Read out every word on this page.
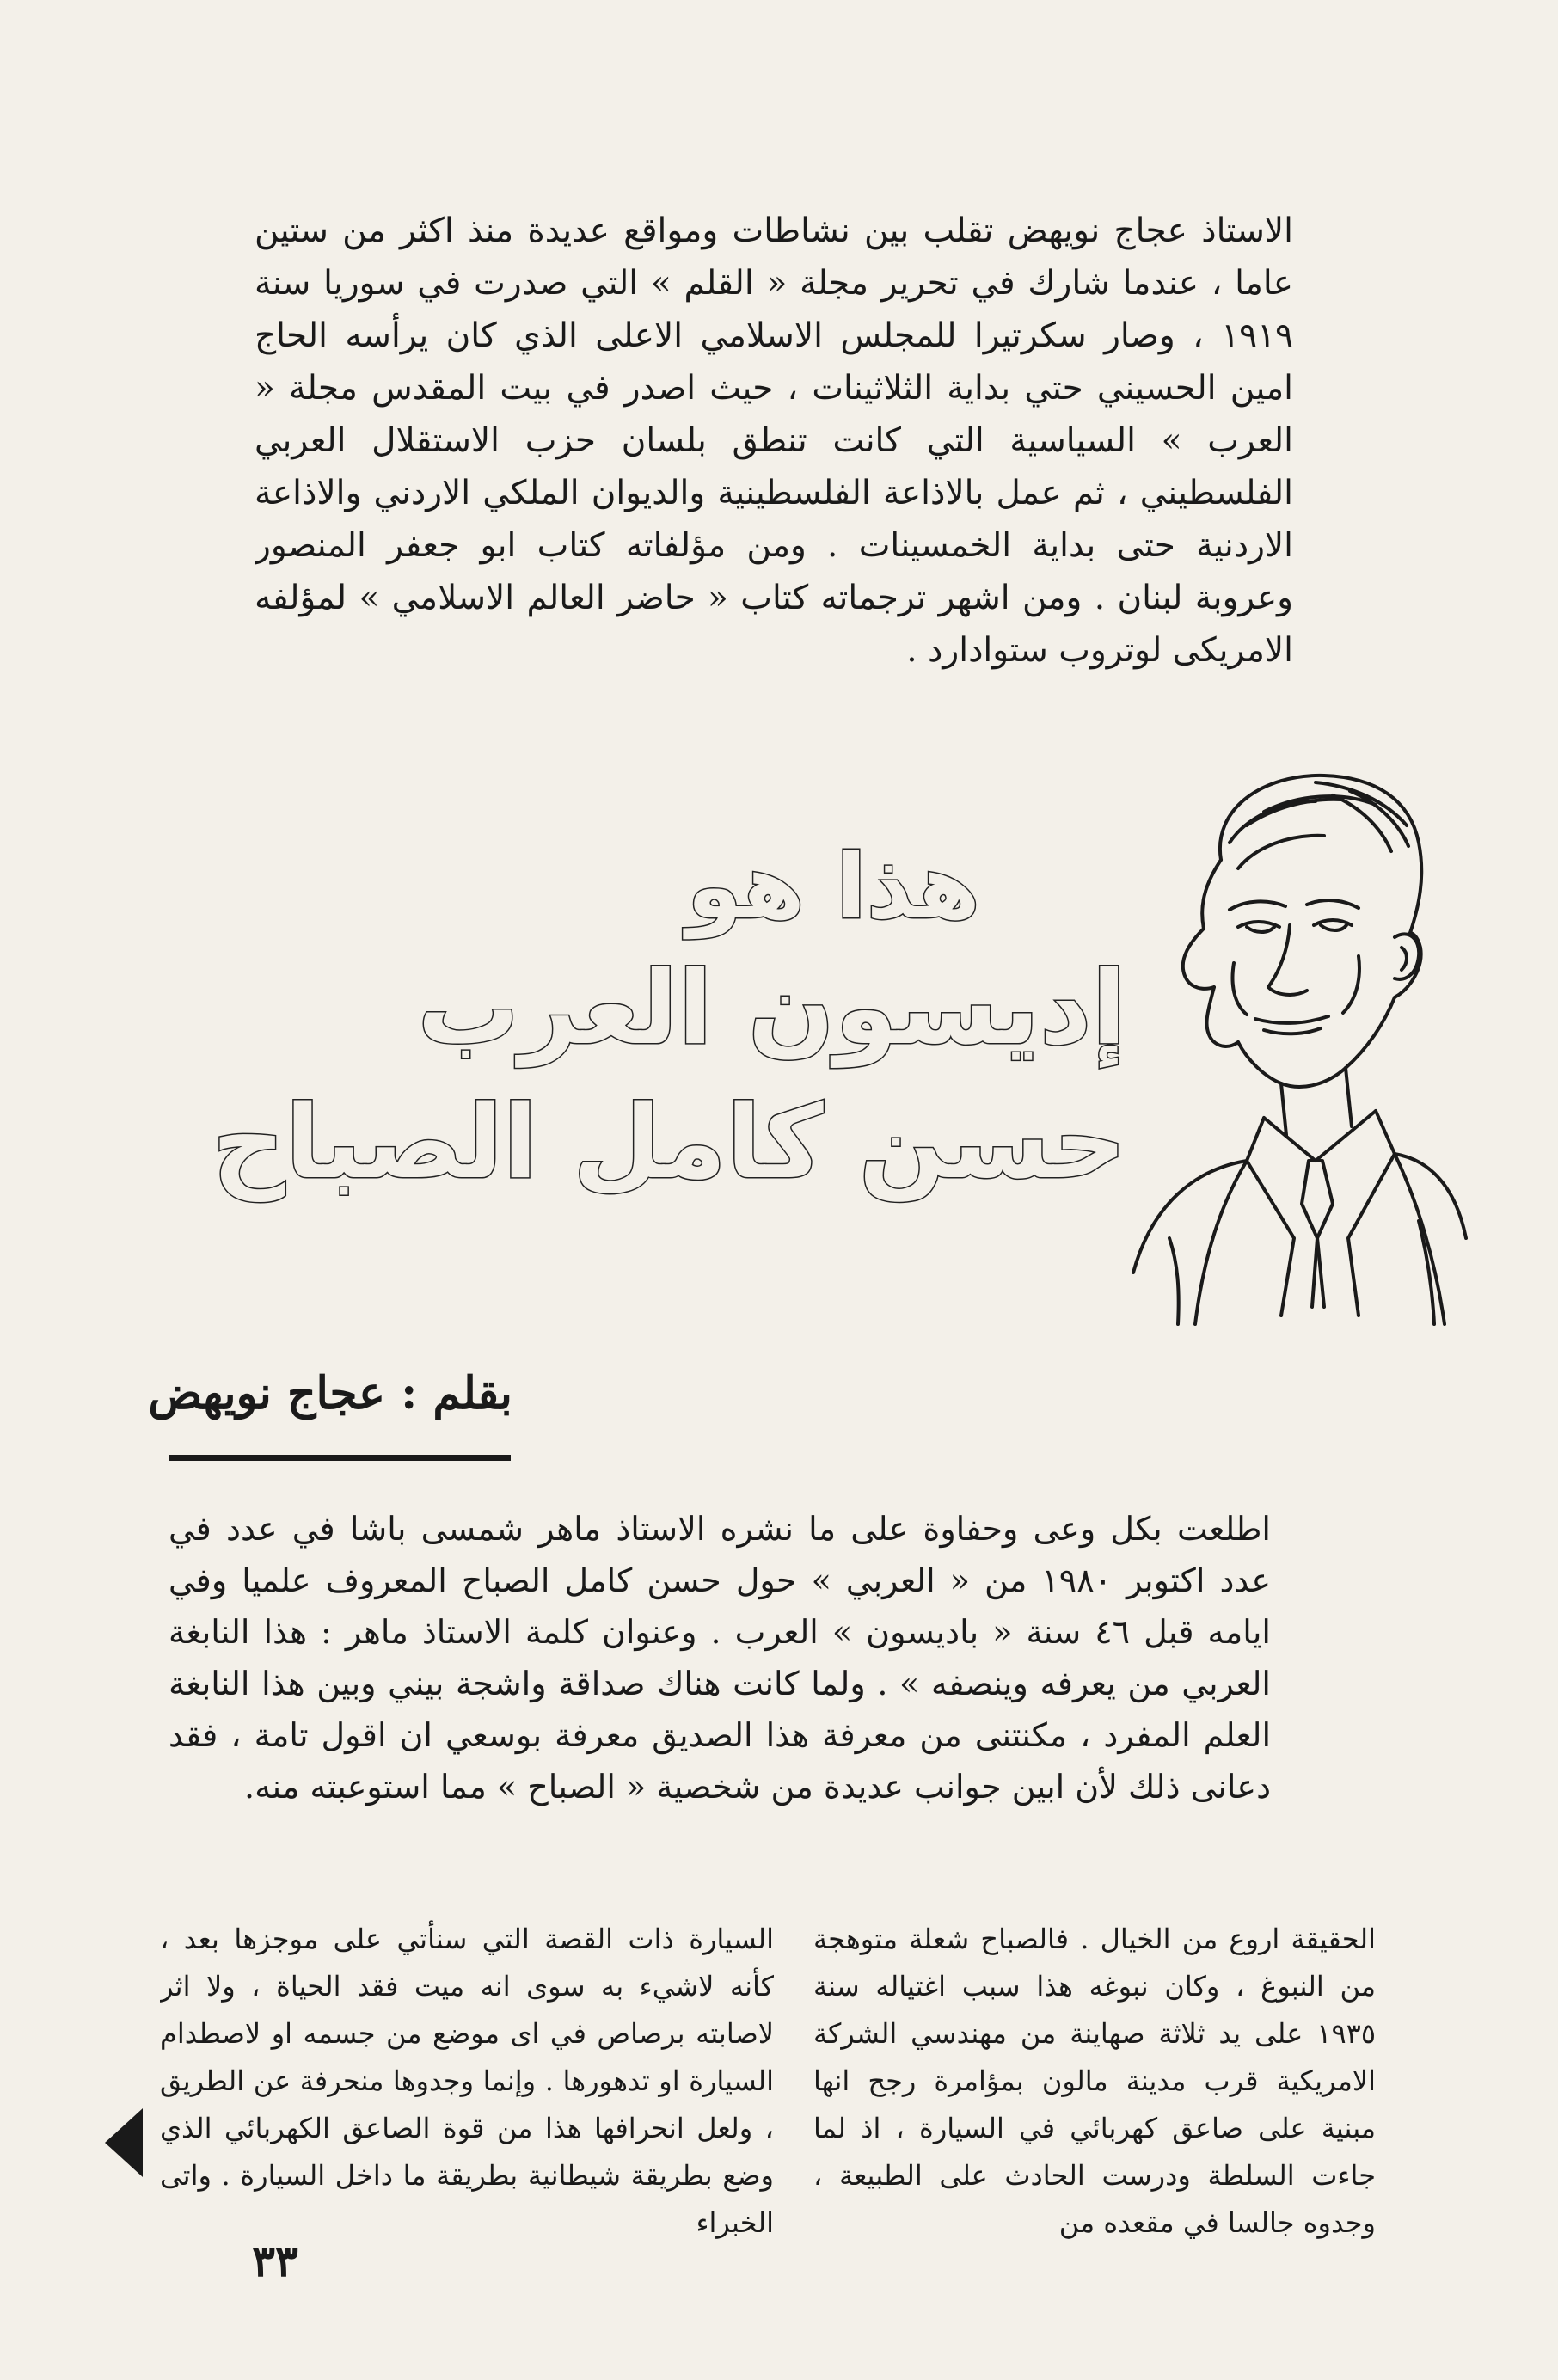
الاستاذ عجاج نويهض تقلب بين نشاطات ومواقع عديدة منذ اكثر من ستين عاما ، عندما شارك في تحرير مجلة « القلم » التي صدرت في سوريا سنة ١٩١٩ ، وصار سكرتيرا للمجلس الاسلامي الاعلى الذي كان يرأسه الحاج امين الحسيني حتي بداية الثلاثينات ، حيث اصدر في بيت المقدس مجلة « العرب » السياسية التي كانت تنطق بلسان حزب الاستقلال العربي الفلسطيني ، ثم عمل بالاذاعة الفلسطينية والديوان الملكي الاردني والاذاعة الاردنية حتى بداية الخمسينات . ومن مؤلفاته كتاب ابو جعفر المنصور وعروبة لبنان . ومن اشهر ترجماته كتاب « حاضر العالم الاسلامي » لمؤلفه الامريكى لوتروب ستوادارد .
هذا هو
إديسون العرب
حسن كامل الصباح
بقلم : عجاج نويهض
اطلعت بكل وعى وحفاوة على ما نشره الاستاذ ماهر شمسى باشا في عدد في عدد اكتوبر ١٩٨٠ من « العربي » حول حسن كامل الصباح المعروف علميا وفي ايامه قبل ٤٦ سنة « باديسون » العرب . وعنوان كلمة الاستاذ ماهر : هذا النابغة العربي من يعرفه وينصفه » . ولما كانت هناك صداقة واشجة بيني وبين هذا النابغة العلم المفرد ، مكنتنى من معرفة هذا الصديق معرفة بوسعي ان اقول تامة ، فقد دعانى ذلك لأن ابين جوانب عديدة من شخصية « الصباح » مما استوعبته منه.
الحقيقة اروع من الخيال . فالصباح شعلة متوهجة من النبوغ ، وكان نبوغه هذا سبب اغتياله سنة ١٩٣٥ على يد ثلاثة صهاينة من مهندسي الشركة الامريكية قرب مدينة مالون بمؤامرة رجح انها مبنية على صاعق كهربائي في السيارة ، اذ لما جاءت السلطة ودرست الحادث على الطبيعة ، وجدوه جالسا في مقعده من
السيارة ذات القصة التي سنأتي على موجزها بعد ، كأنه لاشيء به سوى انه ميت فقد الحياة ، ولا اثر لاصابته برصاص في اى موضع من جسمه او لاصطدام السيارة او تدهورها . وإنما وجدوها منحرفة عن الطريق ، ولعل انحرافها هذا من قوة الصاعق الكهربائي الذي وضع بطريقة شيطانية بطريقة ما داخل السيارة . واتى الخبراء
٣٣
